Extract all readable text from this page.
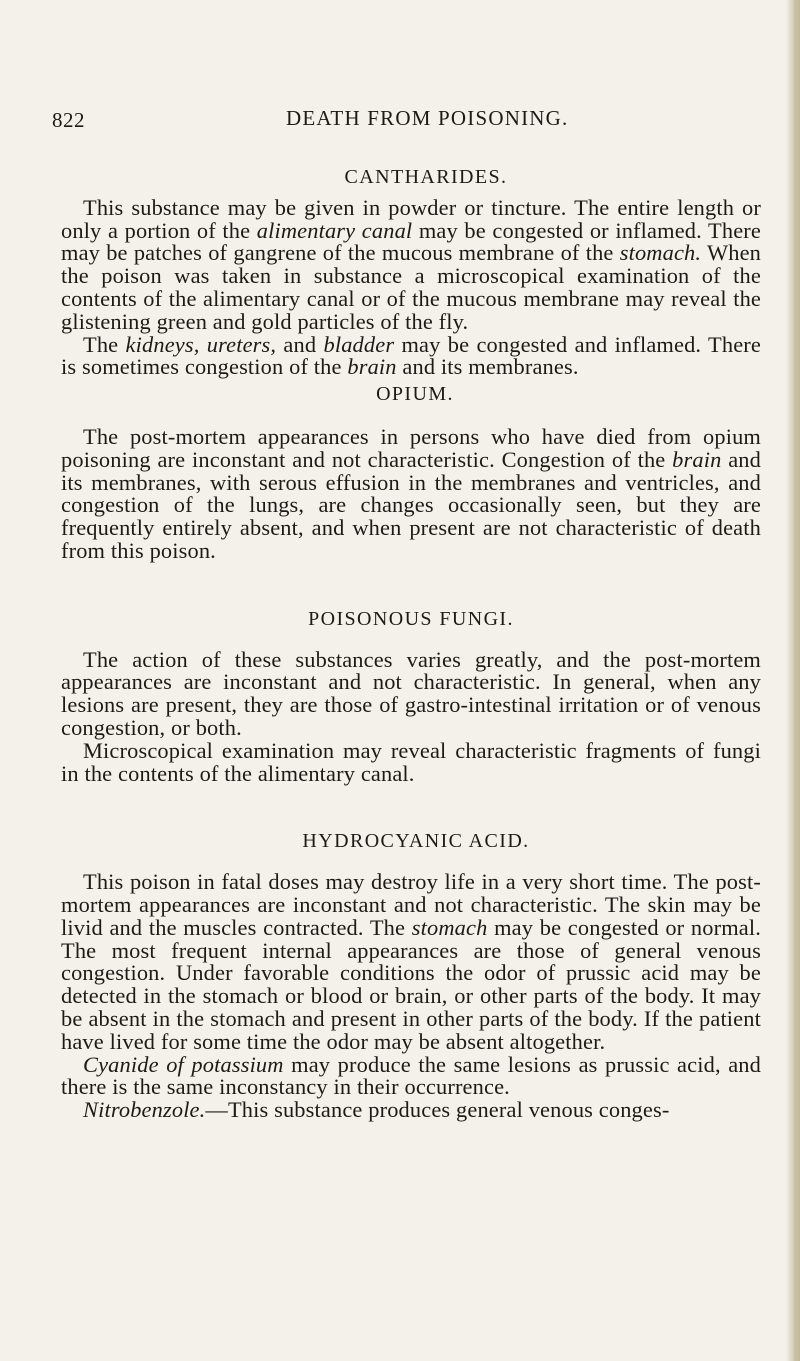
822	DEATH FROM POISONING.
CANTHARIDES.

This substance may be given in powder or tincture. The entire length or only a portion of the alimentary canal may be congested or inflamed. There may be patches of gangrene of the mucous membrane of the stomach. When the poison was taken in substance a microscopical examination of the contents of the alimentary canal or of the mucous membrane may reveal the glistening green and gold particles of the fly.

The kidneys, ureters, and bladder may be congested and inflamed. There is sometimes congestion of the brain and its membranes.

OPIUM.

The post-mortem appearances in persons who have died from opium poisoning are inconstant and not characteristic. Congestion of the brain and its membranes, with serous effusion in the membranes and ventricles, and congestion of the lungs, are changes occasionally seen, but they are frequently entirely absent, and when present are not characteristic of death from this poison.

POISONOUS FUNGI.

The action of these substances varies greatly, and the post-mortem appearances are inconstant and not characteristic. In general, when any lesions are present, they are those of gastro-intestinal irritation or of venous congestion, or both.

Microscopical examination may reveal characteristic fragments of fungi in the contents of the alimentary canal.

HYDROCYANIC ACID.

This poison in fatal doses may destroy life in a very short time. The post-mortem appearances are inconstant and not characteristic. The skin may be livid and the muscles contracted. The stomach may be congested or normal. The most frequent internal appearances are those of general venous congestion. Under favorable conditions the odor of prussic acid may be detected in the stomach or blood or brain, or other parts of the body. It may be absent in the stomach and present in other parts of the body. If the patient have lived for some time the odor may be absent altogether.

Cyanide of potassium may produce the same lesions as prussic acid, and there is the same inconstancy in their occurrence.

Nitrobenzole.—This substance produces general venous conges-
